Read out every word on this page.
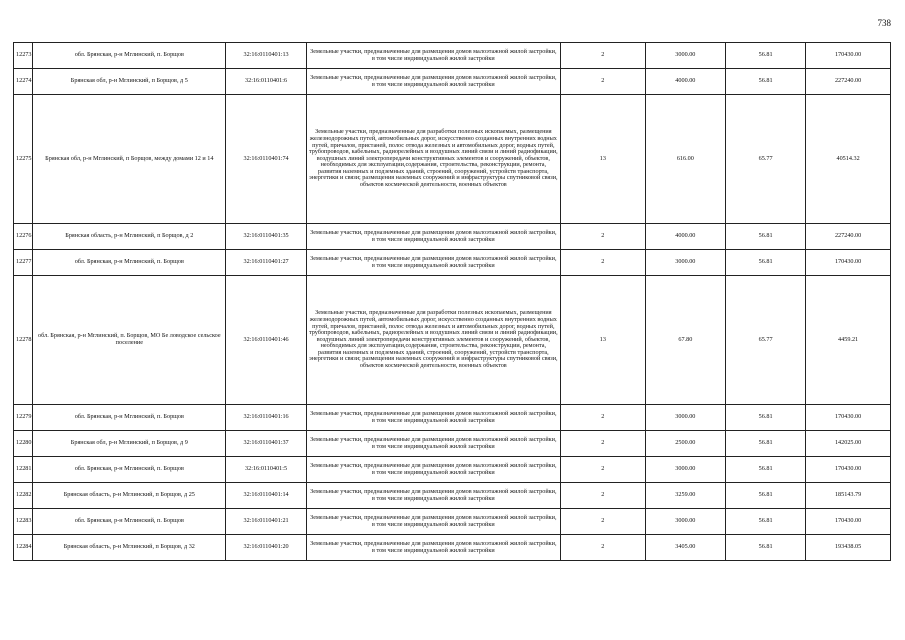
738
12273	обл. Брянская, р-н Мглинский, п. Борщов	32:16:0110401:13	Земельные участки, предназначенные для размещения домов малоэтажной жилой застройки, в том числе индивидуальной жилой застройки	2	3000.00	56.81	170430.00
12274	Брянская обл, р-н Мглинский, п Борщов, д 5	32:16:0110401:6	Земельные участки, предназначенные для размещения домов малоэтажной жилой застройки, в том числе индивидуальной жилой застройки	2	4000.00	56.81	227240.00
12275	Брянская обл, р-н Мглинский, п Борщов, между домами 12 и 14	32:16:0110401:74	Земельные участки, предназначенные для разработки полезных ископаемых, размещения железнодорожных путей, автомобильных дорог, искусственно созданных внутренних водных путей, причалов, пристаней, полос отвода железных и автомобильных дорог, водных путей, трубопроводов, кабельных, радиорелейных и воздушных линий связи и линий радиофикации, воздушных линий электропередачи конструктивных элементов и сооружений, объектов, необходимых для эксплуатации,содержания, строительства, реконструкции, ремонта, развития наземных и подземных зданий, строений, сооружений, устройств транспорта, энергетики и связи; размещения наземных сооружений и инфраструктуры спутниковой связи, объектов космической деятельности, военных объектов	13	616.00	65.77	40514.32
12276	Брянская область, р-н Мглинский, п Борщов, д 2	32:16:0110401:35	Земельные участки, предназначенные для размещения домов малоэтажной жилой застройки, в том числе индивидуальной жилой застройки	2	4000.00	56.81	227240.00
12277	обл. Брянская, р-н Мглинский, п. Борщов	32:16:0110401:27	Земельные участки, предназначенные для размещения домов малоэтажной жилой застройки, в том числе индивидуальной жилой застройки	2	3000.00	56.81	170430.00
12278	обл. Брянская, р-н Мглинский, п. Борщов, МО Бе ловодское сельское поселение	32:16:0110401:46	Земельные участки, предназначенные для разработки полезных ископаемых, размещения железнодорожных путей, автомобильных дорог, искусственно созданных внутренних водных путей, причалов, пристаней, полос отвода железных и автомобильных дорог, водных путей, трубопроводов, кабельных, радиорелейных и воздушных линий связи и линий радиофикации, воздушных линий электропередачи конструктивных элементов и сооружений, объектов, необходимых для эксплуатации,содержания, строительства, реконструкции, ремонта, развития наземных и подземных зданий, строений, сооружений, устройств транспорта, энергетики и связи; размещения наземных сооружений и инфраструктуры спутниковой связи, объектов космической деятельности, военных объектов	13	67.80	65.77	4459.21
12279	обл. Брянская, р-н Мглинский, п. Борщов	32:16:0110401:16	Земельные участки, предназначенные для размещения домов малоэтажной жилой застройки, в том числе индивидуальной жилой застройки	2	3000.00	56.81	170430.00
12280	Брянская обл, р-н Мглинский, п Борщов, д 9	32:16:0110401:37	Земельные участки, предназначенные для размещения домов малоэтажной жилой застройки, в том числе индивидуальной жилой застройки	2	2500.00	56.81	142025.00
12281	обл. Брянская, р-н Мглинский, п. Борщов	32:16:0110401:5	Земельные участки, предназначенные для размещения домов малоэтажной жилой застройки, в том числе индивидуальной жилой застройки	2	3000.00	56.81	170430.00
12282	Брянская область, р-н Мглинский, п Борщов, д 25	32:16:0110401:14	Земельные участки, предназначенные для размещения домов малоэтажной жилой застройки, в том числе индивидуальной жилой застройки	2	3259.00	56.81	185143.79
12283	обл. Брянская, р-н Мглинский, п. Борщов	32:16:0110401:21	Земельные участки, предназначенные для размещения домов малоэтажной жилой застройки, в том числе индивидуальной жилой застройки	2	3000.00	56.81	170430.00
12284	Брянская область, р-н Мглинский, п Борщов, д 32	32:16:0110401:20	Земельные участки, предназначенные для размещения домов малоэтажной жилой застройки, в том числе индивидуальной жилой застройки	2	3405.00	56.81	193438.05
